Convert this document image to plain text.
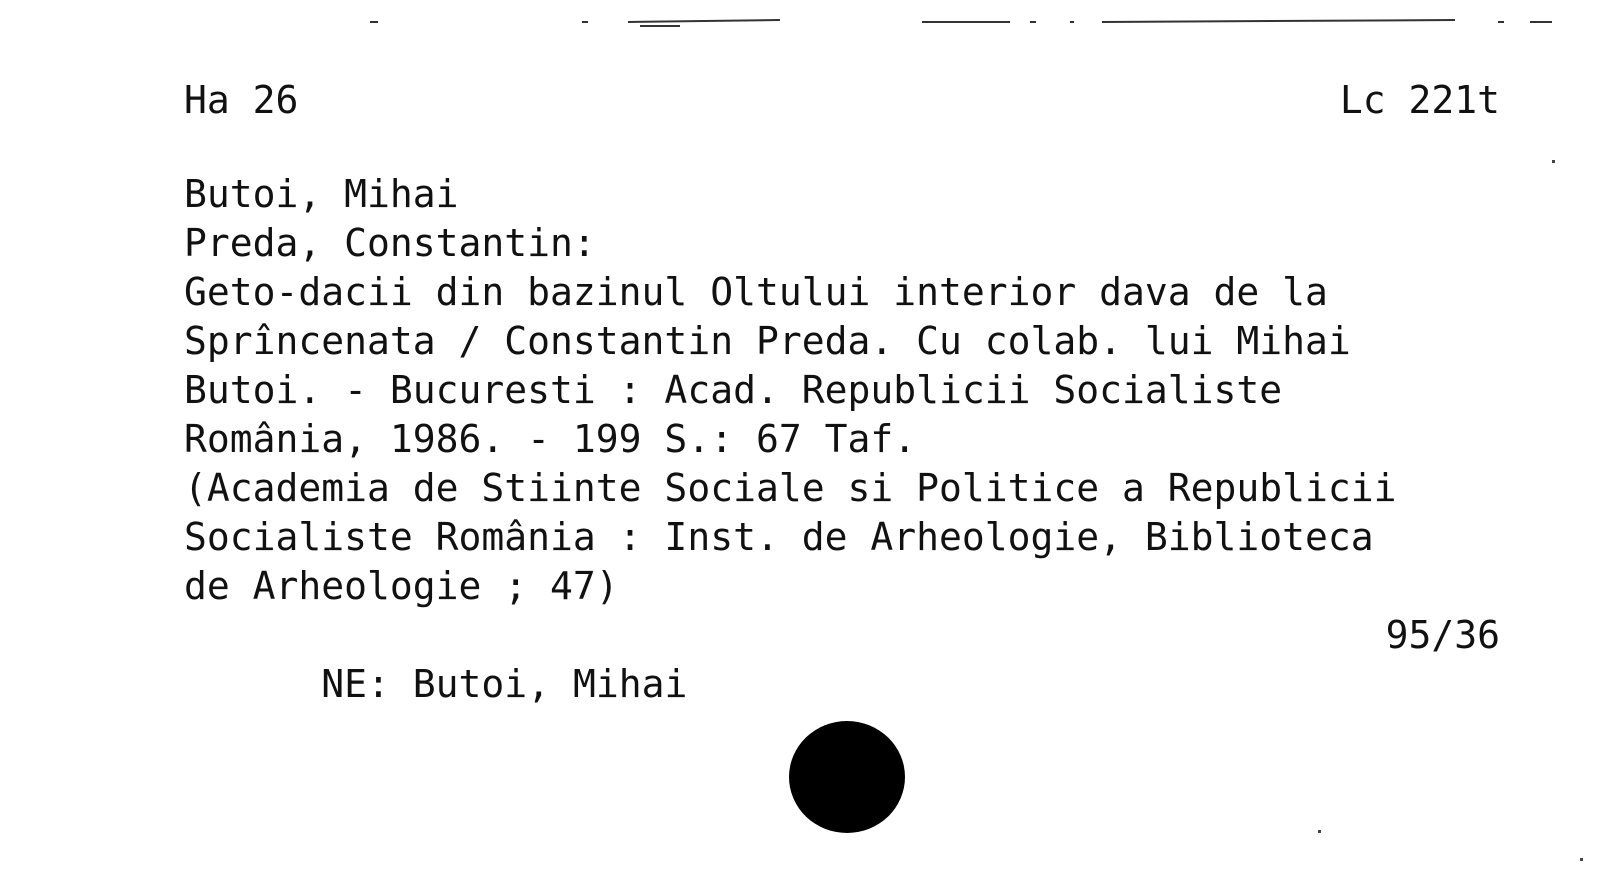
Ha 26	Lc 221t
Butoi, Mihai
Preda, Constantin:
Geto-dacii din bazinul Oltului interior dava de la
Sprîncenata / Constantin Preda. Cu colab. lui Mihai
Butoi. - Bucuresti : Acad. Republicii Socialiste
România, 1986. - 199 S.: 67 Taf.
(Academia de Stiinte Sociale si Politice a Republicii
Socialiste România : Inst. de Arheologie, Biblioteca
de Arheologie ; 47)

NE: Butoi, Mihai

95/36
